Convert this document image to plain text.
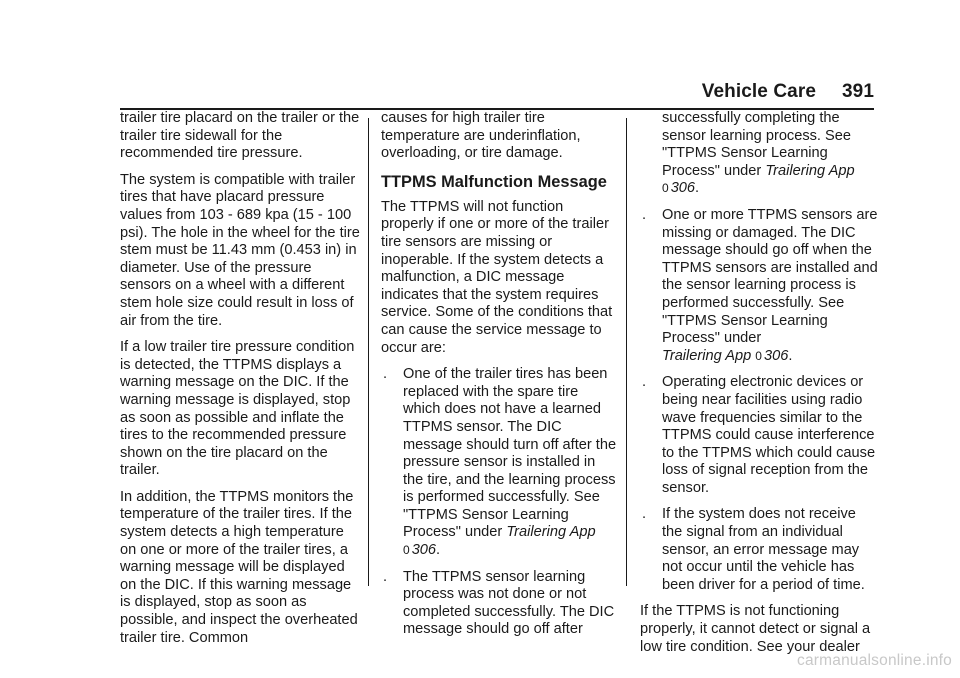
Vehicle Care 391

trailer tire placard on the trailer or the trailer tire sidewall for the recommended tire pressure.

The system is compatible with trailer tires that have placard pressure values from 103 - 689 kpa (15 - 100 psi). The hole in the wheel for the tire stem must be 11.43 mm (0.453 in) in diameter. Use of the pressure sensors on a wheel with a different stem hole size could result in loss of air from the tire.

If a low trailer tire pressure condition is detected, the TTPMS displays a warning message on the DIC. If the warning message is displayed, stop as soon as possible and inflate the tires to the recommended pressure shown on the tire placard on the trailer.

In addition, the TTPMS monitors the temperature of the trailer tires. If the system detects a high temperature on one or more of the trailer tires, a warning message will be displayed on the DIC. If this warning message is displayed, stop as soon as possible, and inspect the overheated trailer tire. Common

causes for high trailer tire temperature are underinflation, overloading, or tire damage.

TTPMS Malfunction Message

The TTPMS will not function properly if one or more of the trailer tire sensors are missing or inoperable. If the system detects a malfunction, a DIC message indicates that the system requires service. Some of the conditions that can cause the service message to occur are:

.	One of the trailer tires has been replaced with the spare tire which does not have a learned TTPMS sensor. The DIC message should turn off after the pressure sensor is installed in the tire, and the learning process is performed successfully. See "TTPMS Sensor Learning Process" under Trailering App
0 306.
.	The TTPMS sensor learning process was not done or not completed successfully. The DIC message should go off after
successfully completing the sensor learning process. See "TTPMS Sensor Learning Process" under Trailering App
0 306.
.	One or more TTPMS sensors are missing or damaged. The DIC message should go off when the TTPMS sensors are installed and the sensor learning process is performed successfully. See "TTPMS Sensor Learning Process" under
Trailering App 0 306.
.	Operating electronic devices or being near facilities using radio wave frequencies similar to the TTPMS could cause interference to the TTPMS which could cause loss of signal reception from the sensor.
.	If the system does not receive the signal from an individual sensor, an error message may not occur until the vehicle has been driver for a period of time.

If the TTPMS is not functioning properly, it cannot detect or signal a low tire condition. See your dealer

carmanualsonline.info
